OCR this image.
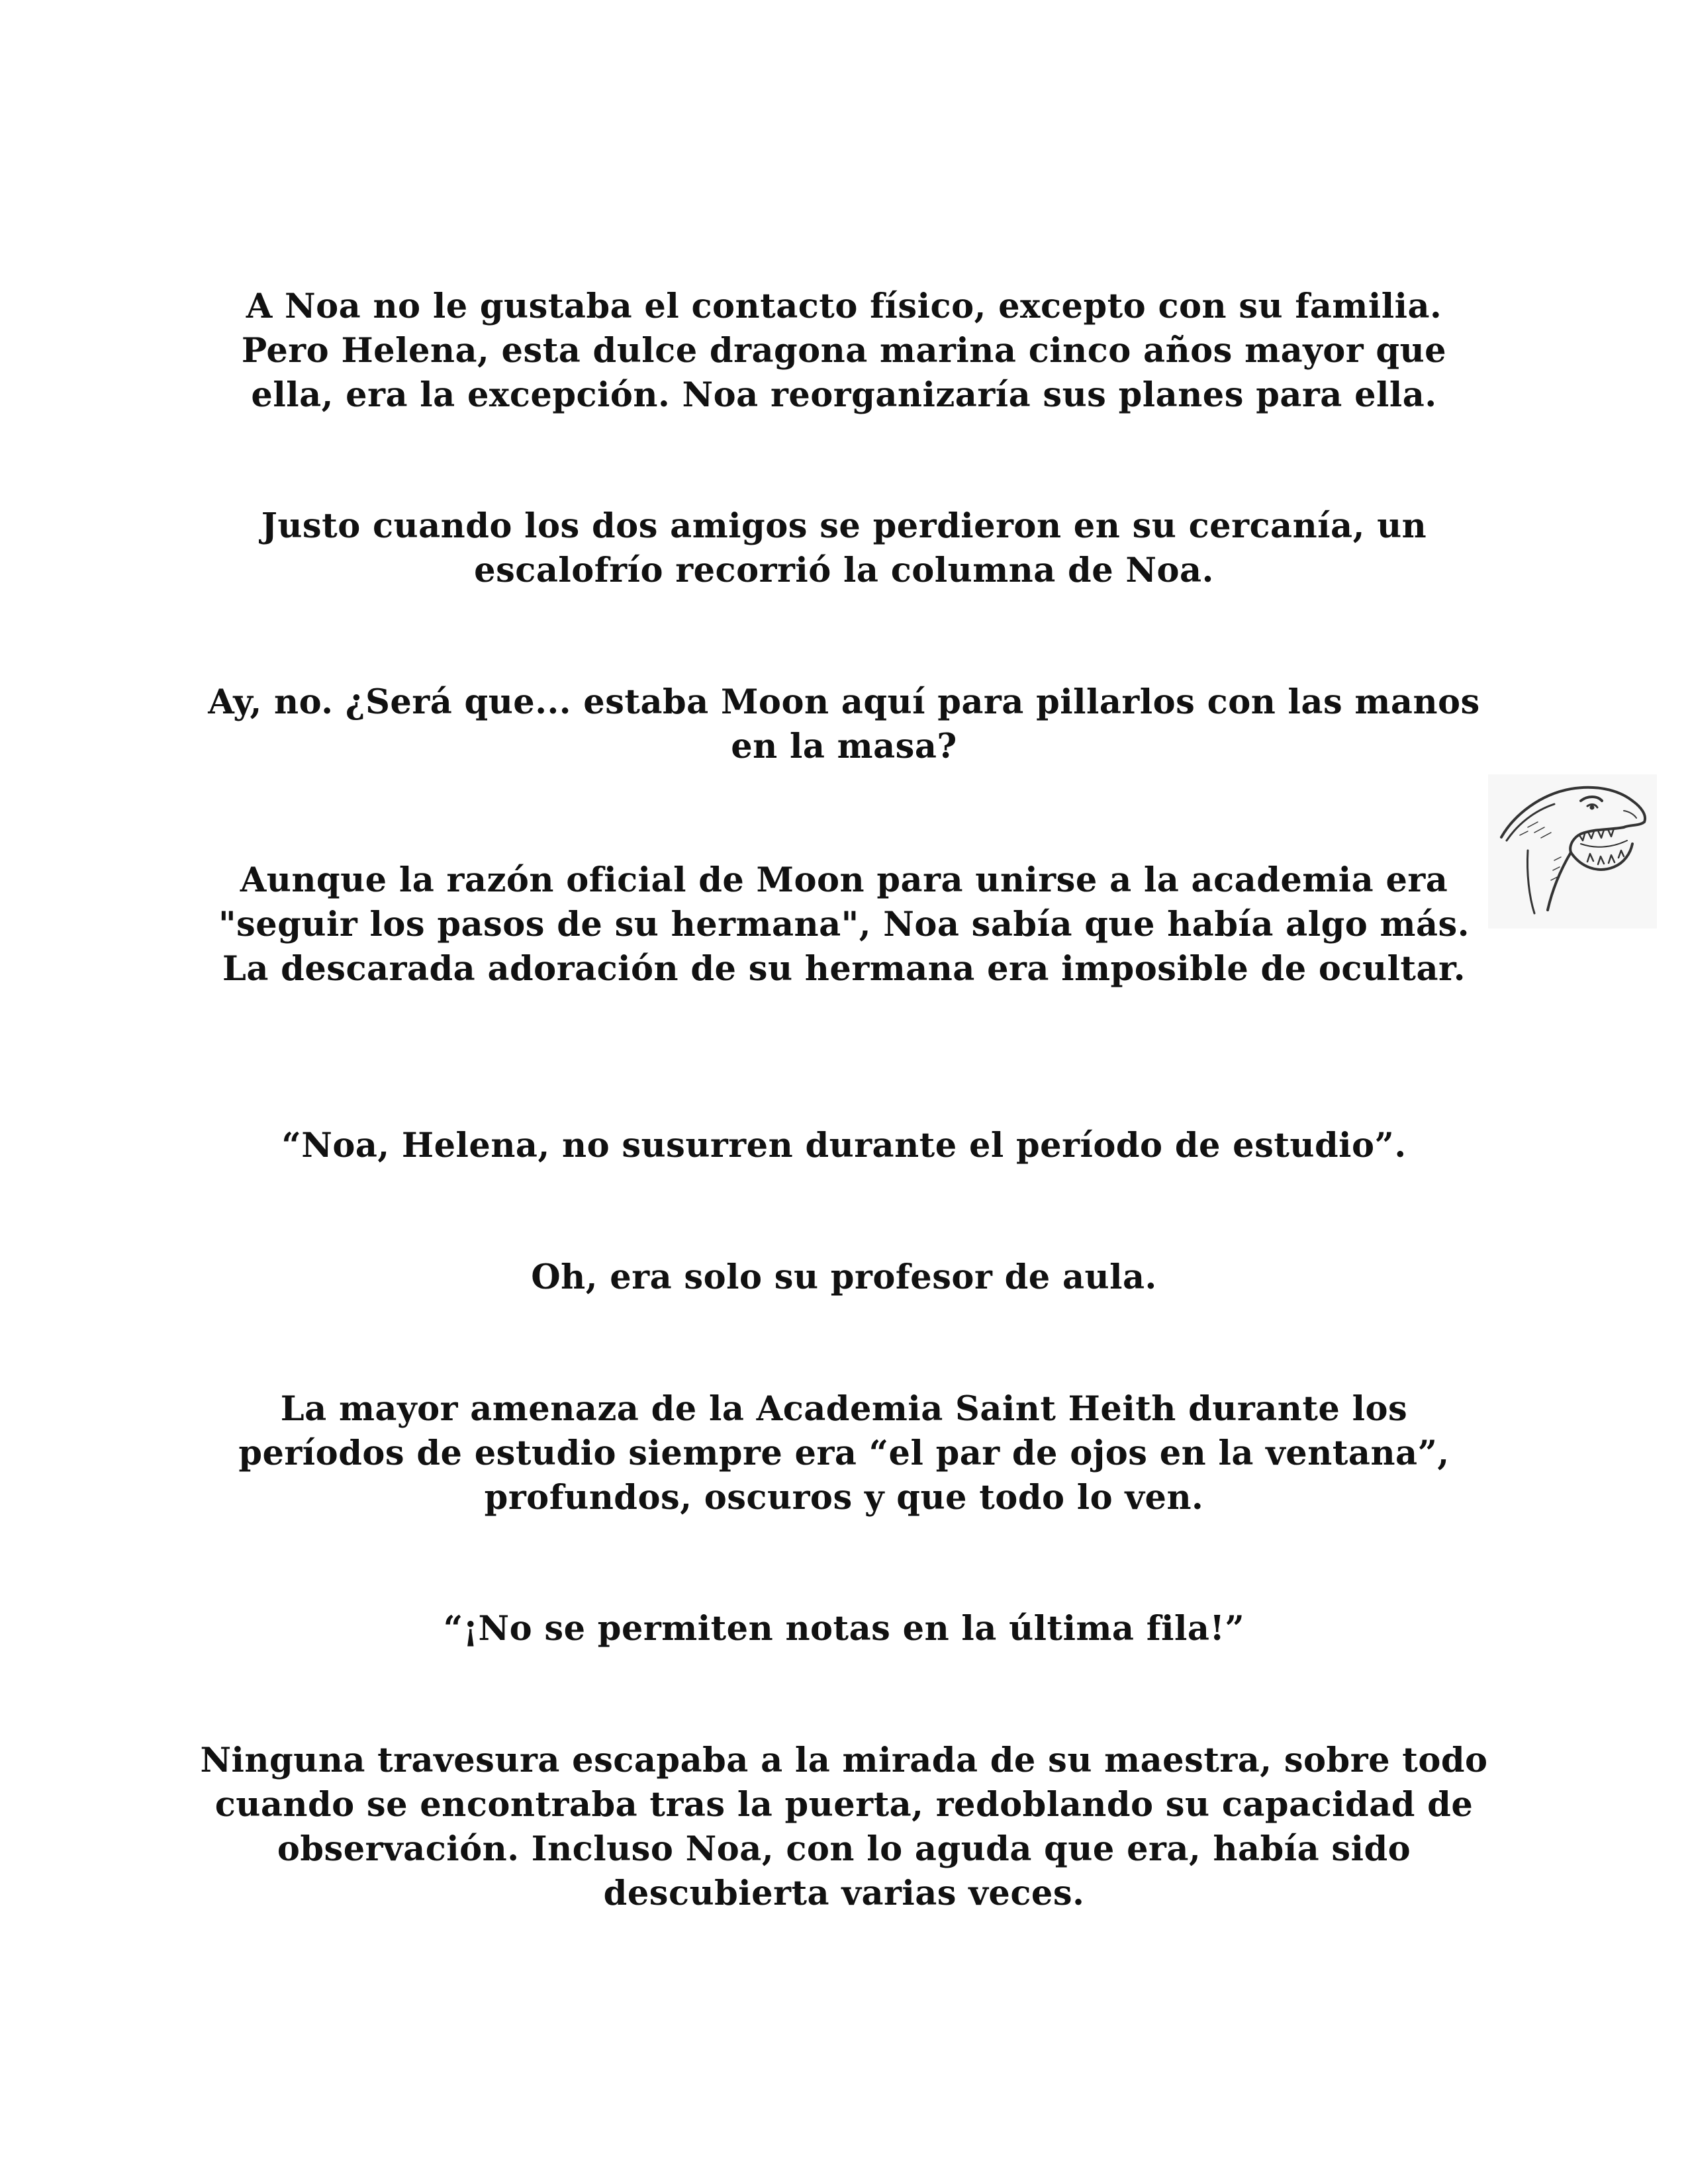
A Noa no le gustaba el contacto físico, excepto con su familia. Pero Helena, esta dulce dragona marina cinco años mayor que ella, era la excepción. Noa reorganizaría sus planes para ella.

Justo cuando los dos amigos se perdieron en su cercanía, un escalofrío recorrió la columna de Noa.

Ay, no. ¿Será que... estaba Moon aquí para pillarlos con las manos en la masa?

Aunque la razón oficial de Moon para unirse a la academia era "seguir los pasos de su hermana", Noa sabía que había algo más. La descarada adoración de su hermana era imposible de ocultar.

“Noa, Helena, no susurren durante el período de estudio”.

Oh, era solo su profesor de aula.

La mayor amenaza de la Academia Saint Heith durante los períodos de estudio siempre era “el par de ojos en la ventana”, profundos, oscuros y que todo lo ven.

“¡No se permiten notas en la última fila!”

Ninguna travesura escapaba a la mirada de su maestra, sobre todo cuando se encontraba tras la puerta, redoblando su capacidad de observación. Incluso Noa, con lo aguda que era, había sido descubierta varias veces.
